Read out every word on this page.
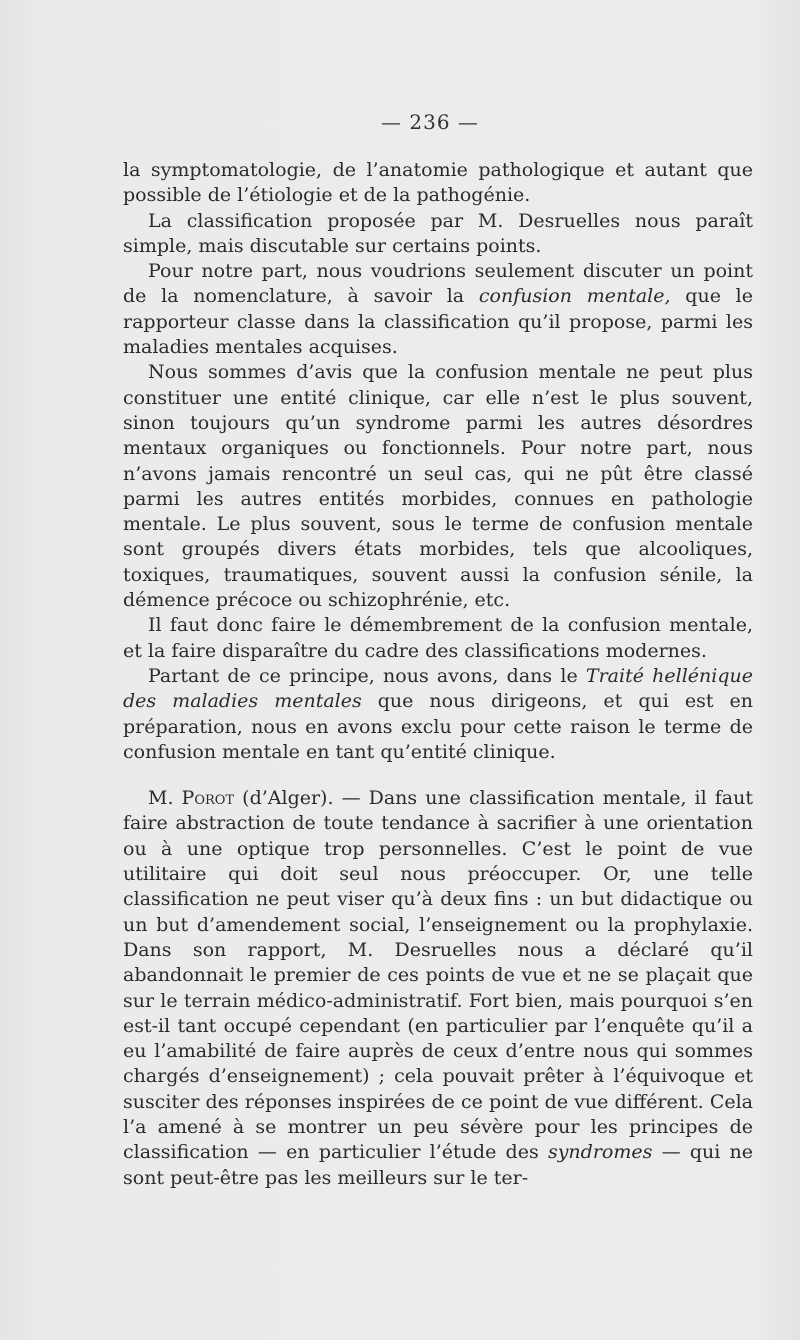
— 236 —

la symptomatologie, de l’anatomie pathologique et autant que possible de l’étiologie et de la pathogénie.

La classification proposée par M. Desruelles nous paraît simple, mais discutable sur certains points.

Pour notre part, nous voudrions seulement discuter un point de la nomenclature, à savoir la confusion mentale, que le rapporteur classe dans la classification qu’il propose, parmi les maladies mentales acquises.

Nous sommes d’avis que la confusion mentale ne peut plus constituer une entité clinique, car elle n’est le plus souvent, sinon toujours qu’un syndrome parmi les autres désordres mentaux organiques ou fonctionnels. Pour notre part, nous n’avons jamais rencontré un seul cas, qui ne pût être classé parmi les autres entités morbides, connues en pathologie mentale. Le plus souvent, sous le terme de confusion mentale sont groupés divers états morbides, tels que alcooliques, toxiques, traumatiques, souvent aussi la confusion sénile, la démence précoce ou schizophrénie, etc.

Il faut donc faire le démembrement de la confusion mentale, et la faire disparaître du cadre des classifications modernes.

Partant de ce principe, nous avons, dans le Traité hellénique des maladies mentales que nous dirigeons, et qui est en préparation, nous en avons exclu pour cette raison le terme de confusion mentale en tant qu’entité clinique.

M. Porot (d’Alger). — Dans une classification mentale, il faut faire abstraction de toute tendance à sacrifier à une orientation ou à une optique trop personnelles. C’est le point de vue utilitaire qui doit seul nous préoccuper. Or, une telle classification ne peut viser qu’à deux fins : un but didactique ou un but d’amendement social, l’enseignement ou la prophylaxie. Dans son rapport, M. Desruelles nous a déclaré qu’il abandonnait le premier de ces points de vue et ne se plaçait que sur le terrain médico-administratif. Fort bien, mais pourquoi s’en est-il tant occupé cependant (en particulier par l’enquête qu’il a eu l’amabilité de faire auprès de ceux d’entre nous qui sommes chargés d’enseignement) ; cela pouvait prêter à l’équivoque et susciter des réponses inspirées de ce point de vue différent. Cela l’a amené à se montrer un peu sévère pour les principes de classification — en particulier l’étude des syndromes — qui ne sont peut-être pas les meilleurs sur le ter-
